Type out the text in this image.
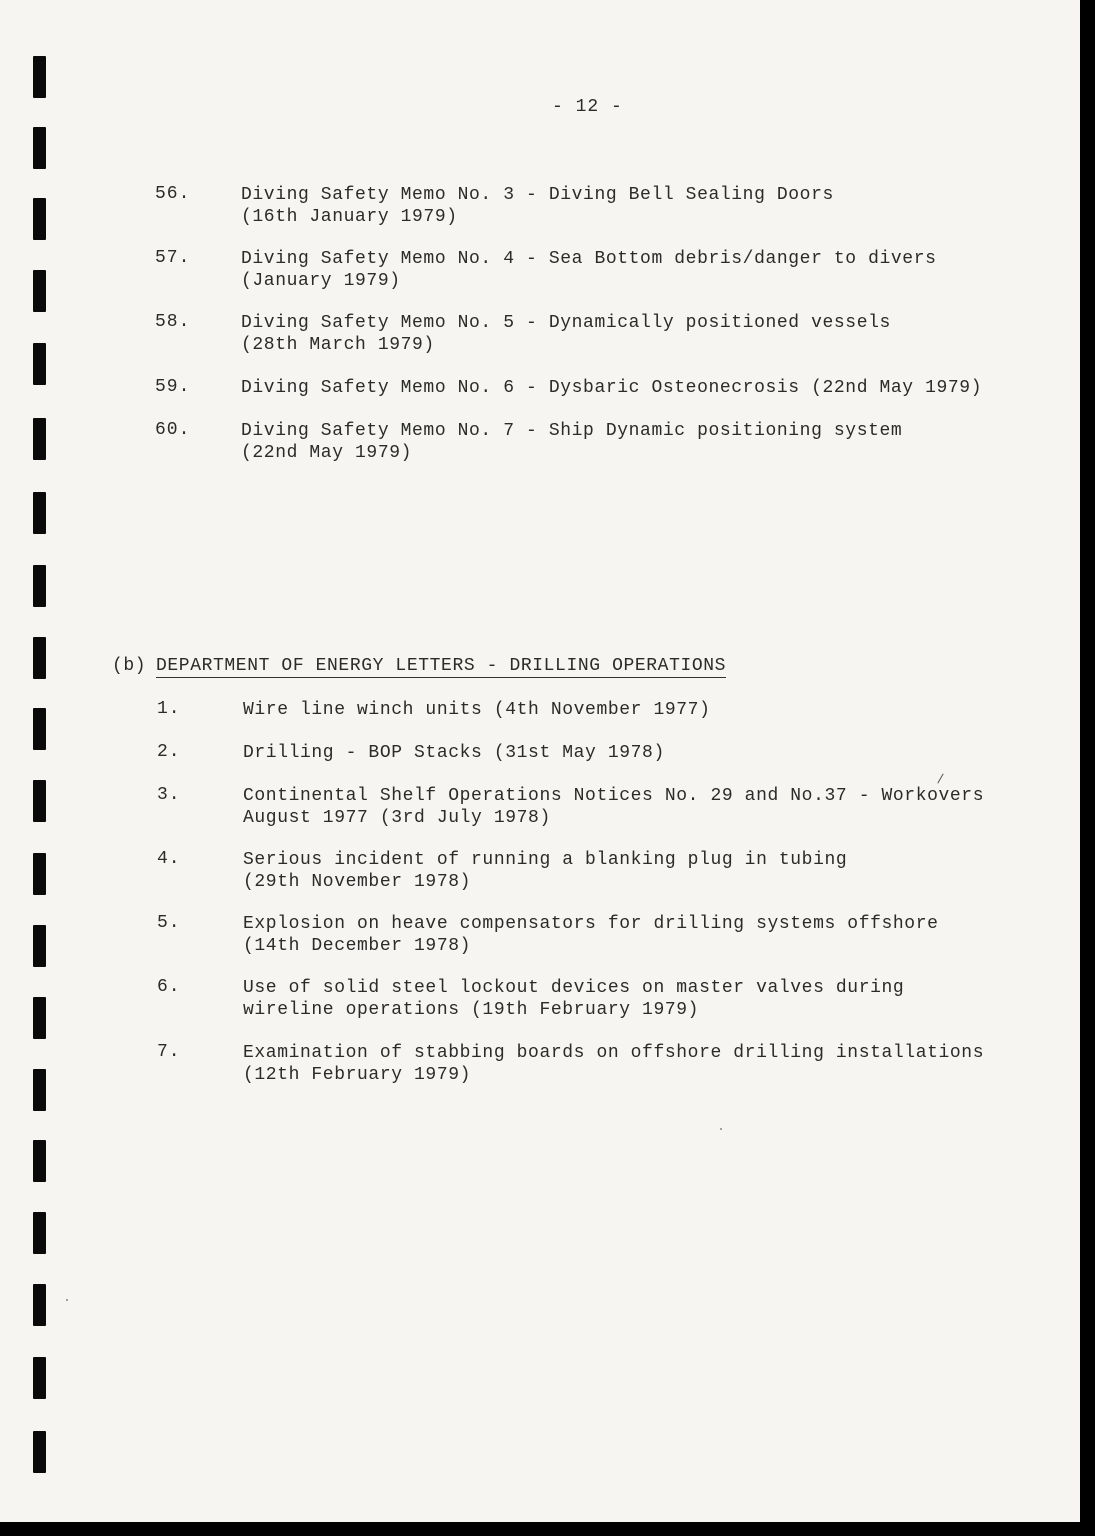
- 12 -
56.	Diving Safety Memo No. 3 - Diving Bell Sealing Doors
(16th January 1979)
57.	Diving Safety Memo No. 4 - Sea Bottom debris/danger to divers
(January 1979)
58.	Diving Safety Memo No. 5 - Dynamically positioned vessels
(28th March 1979)
59.	Diving Safety Memo No. 6 - Dysbaric Osteonecrosis (22nd May 1979)
60.	Diving Safety Memo No. 7 - Ship Dynamic positioning system
(22nd May 1979)
(b) DEPARTMENT OF ENERGY LETTERS - DRILLING OPERATIONS
1.	Wire line winch units (4th November 1977)
2.	Drilling - BOP Stacks (31st May 1978)
3.	Continental Shelf Operations Notices No. 29 and No.37 - Workovers
August 1977 (3rd July 1978)
4.	Serious incident of running a blanking plug in tubing
(29th November 1978)
5.	Explosion on heave compensators for drilling systems offshore
(14th December 1978)
6.	Use of solid steel lockout devices on master valves during
wireline operations (19th February 1979)
7.	Examination of stabbing boards on offshore drilling installations
(12th February 1979)
